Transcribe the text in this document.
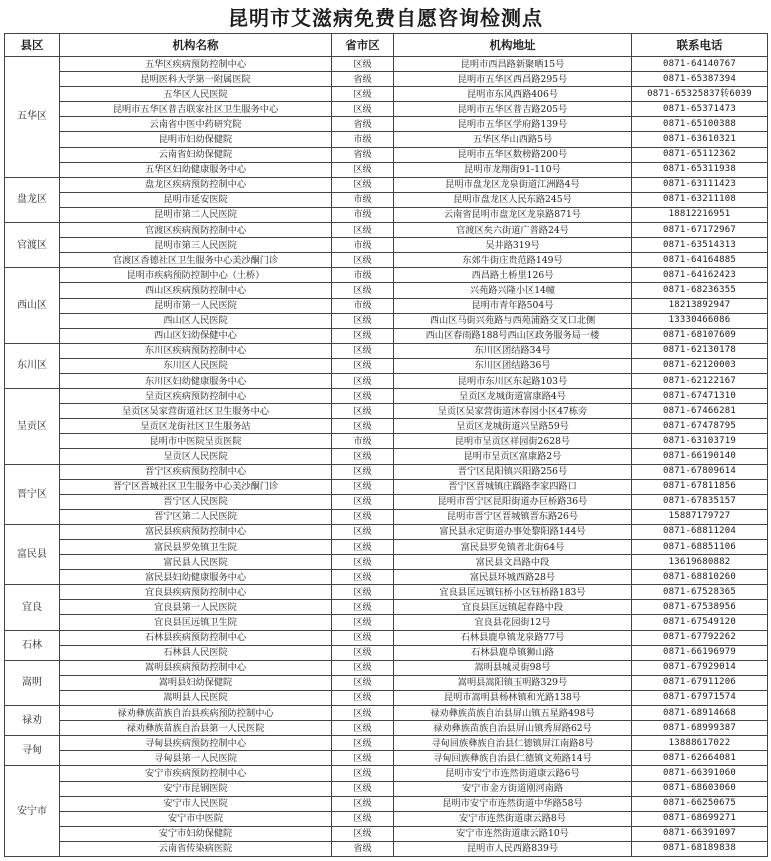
昆明市艾滋病免费自愿咨询检测点
县区	机构名称	省市区	机构地址	联系电话
五华区	五华区疾病预防控制中心	区级	昆明市西昌路新聚晒15号	0871-64140767
	昆明医科大学第一附属医院	省级	昆明市五华区西昌路295号	0871-65387394
	五华区人民医院	区级	昆明市东风西路406号	0871-65325837转6039
	昆明市五华区普吉联家社区卫生服务中心	区级	昆明市五华区普吉路205号	0871-65371473
	云南省中医中药研究院	省级	昆明市五华区学府路139号	0871-65100388
	昆明市妇幼保健院	市级	五华区华山西路5号	0871-63610321
	云南省妇幼保健院	省级	昆明市五华区数榜路200号	0871-65112362
	五华区妇幼健康服务中心	区级	昆明市龙翔街91-110号	0871-65311938
盘龙区	盘龙区疾病预防控制中心	区级	昆明市盘龙区龙泉街道江洲路4号	0871-63111423
	昆明市延安医院	市级	昆明市盘龙区人民东路245号	0871-63211108
	昆明市第二人民医院	市级	云南省昆明市盘龙区龙泉路871号	18812216951
官渡区	官渡区疾病预防控制中心	区级	官渡区矣六街道广普路24号	0871-67172967
	昆明市第三人民医院	市级	吴井路319号	0871-63514313
	官渡区香德社区卫生服务中心美沙酮门诊	区级	东郊牛街庄贵范路149号	0871-64164885
西山区	昆明市疾病预防控制中心（土桥）	市级	西昌路土桥里126号	0871-64162423
	西山区疾病预防控制中心	区级	兴苑路兴隆小区14幢	0871-68236355
	昆明市第一人民医院	市级	昆明市青年路504号	18213892947
	西山区人民医院	区级	西山区马街兴苑路与西苑浦路交叉口北侧	13330466086
	西山区妇幼保健中心	区级	西山区春雨路188号西山区政务服务局一楼	0871-68107609
东川区	东川区疾病预防控制中心	区级	东川区团结路34号	0871-62130178
	东川区人民医院	区级	东川区团结路36号	0871-62120003
	东川区妇幼健康服务中心	区级	昆明市东川区东起路103号	0871-62122167
呈贡区	呈贡区疾病预防控制中心	区级	呈贡区龙城街道富康路4号	0871-67471310
	呈贡区吴家营街道社区卫生服务中心	区级	呈贡区吴家营街道沐春园小区47栋旁	0871-67466281
	呈贡区龙街社区卫生服务站	区级	呈贡区龙城街道兴呈路59号	0871-67478795
	昆明市中医院呈贡医院	市级	昆明市呈贡区祥园街2628号	0871-63103719
	呈贡区人民医院	区级	昆明市呈贡区富康路2号	0871-66190140
晋宁区	晋宁区疾病预防控制中心	区级	晋宁区昆阳镇兴阳路256号	0871-67809614
	晋宁区晋城社区卫生服务中心美沙酮门诊	区级	晋宁区晋城镇庄蹻路李家四路口	0871-67811856
	晋宁区人民医院	区级	昆明市晋宁区昆阳街道办巨桥路36号	0871-67835157
	晋宁区第二人民医院	区级	昆明市晋宁区晋城镇晋东路26号	15887179727
富民县	富民县疾病预防控制中心	区级	富民县永定街道办事处黎阳路144号	0871-68811204
	富民县罗免镇卫生院	区级	富民县罗免镇者北街64号	0871-68851106
	富民县人民医院	区级	富民县文昌路中段	13619680882
	富民县妇幼健康服务中心	区级	富民县环城西路28号	0871-68810260
宜良	宜良县疾病预防控制中心	区级	宜良县匡远镇钰桥小区钰桥路183号	0871-67528365
	宜良县第一人民医院	区级	宜良县匡远镇起春路中段	0871-67538956
	宜良县匡远镇卫生院	区级	宜良县花园街12号	0871-67549120
石林	石林县疾病预防控制中心	区级	石林县鹿阜镇龙泉路77号	0871-67792262
	石林县人民医院	区级	石林县鹿阜镇狮山路	0871-66196979
嵩明	嵩明县疾病预防控制中心	区级	嵩明县城灵街98号	0871-67929014
	嵩明县妇幼保健院	区级	嵩明县嵩阳镇玉明路329号	0871-67911206
	嵩明县人民医院	区级	昆明市嵩明县杨林镇和光路138号	0871-67971574
禄劝	禄劝彝族苗族自治县疾病预防控制中心	区级	禄劝彝族苗族自治县屏山镇五星路498号	0871-68914668
	禄劝彝族苗族自治县第一人民医院	区级	禄劝彝族苗族自治县屏山镇秀屏路62号	0871-68999387
寻甸	寻甸县疾病预防控制中心	区级	寻甸回族彝族自治县仁德镇屏江南路8号	13888617022
	寻甸县第一人民医院	区级	寻甸回族彝族自治县仁德镇文苑路14号	0871-62664081
安宁市	安宁市疾病预防控制中心	区级	昆明市安宁市连然街道康云路6号	0871-66391060
	安宁市昆钢医院	区级	安宁市金方街道刚河南路	0871-68603060
	安宁市人民医院	区级	昆明市安宁市连然街道中华路58号	0871-66250675
	安宁市中医院	区级	安宁市连然街道康云路8号	0871-68699271
	安宁市妇幼保健院	区级	安宁市连然街道康云路10号	0871-66391097
	云南省传染病医院	省级	昆明市人民西路839号	0871-68189838
